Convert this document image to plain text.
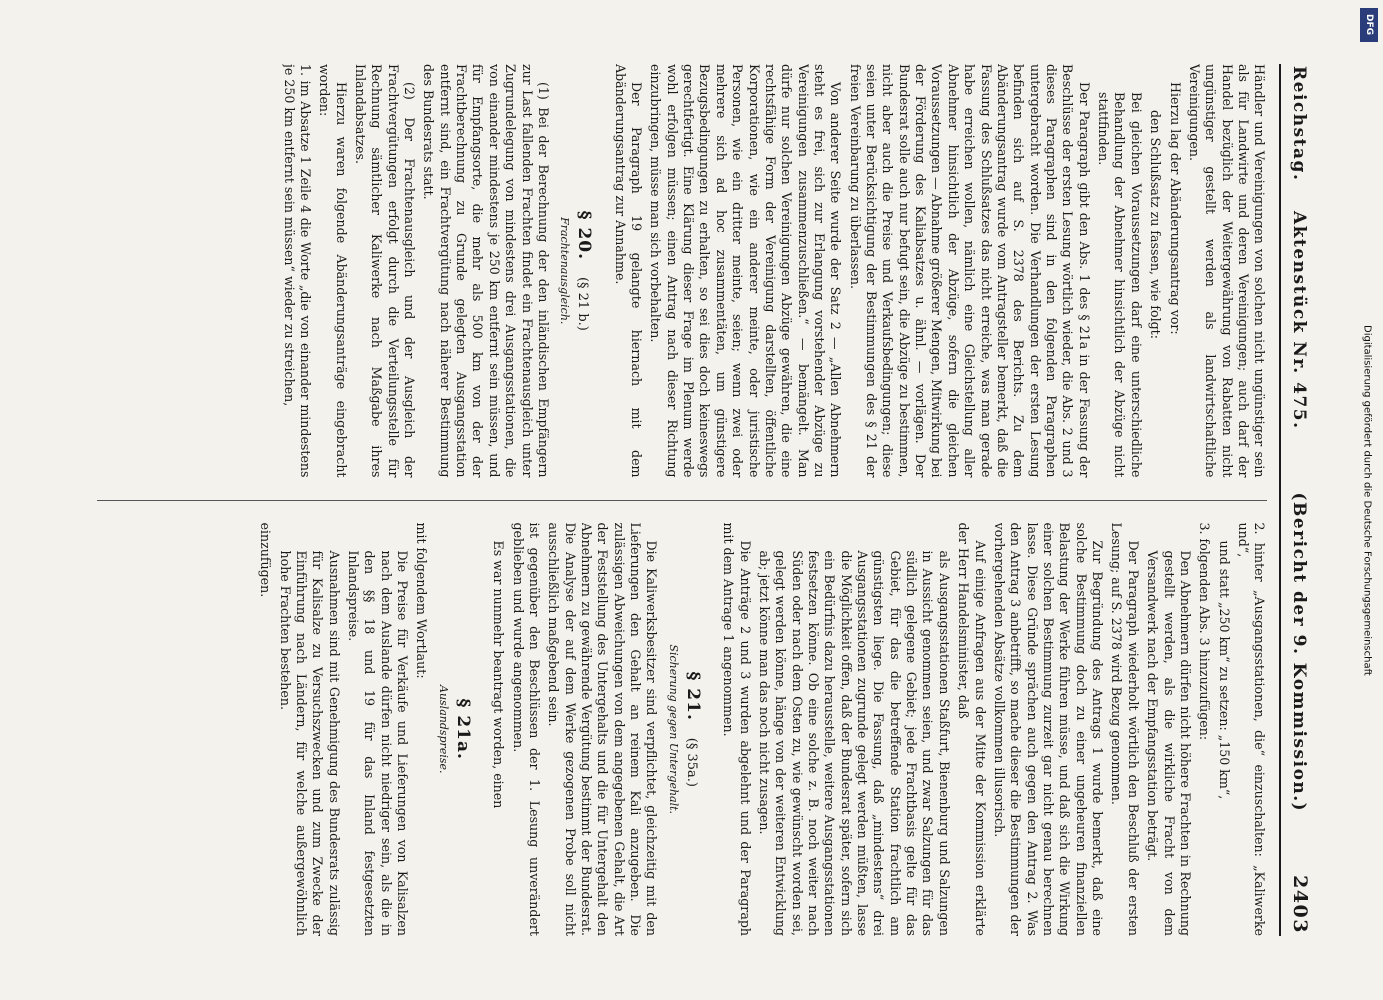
Reichstag.    Aktenstück Nr. 475.
(Bericht der 9. Kommission.)
2403

Händler und Vereinigungen von solchen nicht ungünstiger sein als für Landwirte und deren Vereinigungen; auch darf der Handel bezüglich der Weitergewährung von Rabatten nicht ungünstiger gestellt werden als landwirtschaftliche Vereinigungen.

Hierzu lag der Abänderungsantrag vor:

den Schlußsatz zu fassen, wie folgt:

Bei gleichen Voraussetzungen darf eine unterschiedliche Behandlung der Abnehmer hinsichtlich der Abzüge nicht stattfinden.

Der Paragraph gibt den Abs. 1 des § 21a in der Fassung der Beschlüsse der ersten Lesung wörtlich wieder, die Abs. 2 und 3 dieses Paragraphen sind in den folgenden Paragraphen untergebracht worden. Die Verhandlungen der ersten Lesung befinden sich auf S. 2378 des Berichts. Zu dem Abänderungsantrag wurde vom Antragsteller bemerkt, daß die Fassung des Schlußsatzes das nicht erreiche, was man gerade habe erreichen wollen, nämlich eine Gleichstellung aller Abnehmer hinsichtlich der Abzüge, sofern die gleichen Voraussetzungen — Abnahme größerer Mengen, Mitwirkung bei der Förderung des Kaliabsatzes u. ähnl. — vorlägen. Der Bundesrat solle auch nur befugt sein, die Abzüge zu bestimmen, nicht aber auch die Preise und Verkaufsbedingungen; diese seien unter Berücksichtigung der Bestimmungen des § 21 der freien Vereinbarung zu überlassen.

Von anderer Seite wurde der Satz 2 — „Allen Abnehmern steht es frei, sich zur Erlangung vorstehender Abzüge zu Vereinigungen zusammenzuschließen.“ — bemängelt. Man dürfe nur solchen Vereinigungen Abzüge gewähren, die eine rechtsfähige Form der Vereinigung darstellten, öffentliche Korporationen, wie ein anderer meinte, oder juristische Personen, wie ein dritter meinte, seien; wenn zwei oder mehrere sich ad hoc zusammentäten, um günstigere Bezugsbedingungen zu erhalten, so sei dies doch keineswegs gerechtfertigt. Eine Klärung dieser Frage im Plenum werde wohl erfolgen müssen; einen Antrag nach dieser Richtung einzubringen, müsse man sich vorbehalten.

Der Paragraph 19 gelangte hiernach mit dem Abänderungsantrag zur Annahme.

§ 20. (§ 21 b.)
Frachtenausgleich.

(1) Bei der Berechnung der den inländischen Empfängern zur Last fallenden Frachten findet ein Frachtenausgleich unter Zugrundelegung von mindestens drei Ausgangsstationen, die von einander mindestens je 250 km entfernt sein müssen, und für Empfangsorte, die mehr als 500 km von der der Frachtberechnung zu Grunde gelegten Ausgangsstation entfernt sind, ein Frachtvergütung nach näherer Bestimmung des Bundesrats statt.

(2) Der Frachtenausgleich und der Ausgleich der Frachtvergütungen erfolgt durch die Verteilungsstelle für Rechnung sämtlicher Kaliwerke nach Maßgabe ihres Inlandabsatzes.

Hierzu waren folgende Abänderungsanträge eingebracht worden:

1. im Absatze 1 Zeile 4 die Worte „die von einander mindestens je 250 km entfernt sein müssen“ wieder zu streichen,

2. hinter „Ausgangsstationen, die“ einzuschalten: „Kaliwerke und“,

und statt „250 km“ zu setzen: „150 km“,

3. folgenden Abs. 3 hinzuzufügen:

Den Abnehmern dürfen nicht höhere Frachten in Rechnung gestellt werden, als die wirkliche Fracht von dem Versandwerk nach der Empfangsstation beträgt.

Der Paragraph wiederholt wörtlich den Beschluß der ersten Lesung; auf S. 2378 wird Bezug genommen.

Zur Begründung des Antrags 1 wurde bemerkt, daß eine solche Bestimmung doch zu einer ungeheuren finanziellen Belastung der Werke führen müsse, und daß sich die Wirkung einer solchen Bestimmung zurzeit gar nicht genau berechnen lasse. Diese Gründe sprächen auch gegen den Antrag 2. Was den Antrag 3 anbetrifft, so mache dieser die Bestimmungen der vorhergehenden Absätze vollkommen illusorisch.

Auf einige Anfragen aus der Mitte der Kommission erklärte der Herr Handelsminister, daß

als Ausgangsstationen Staßfurt, Bienenburg und Salzungen in Aussicht genommen seien, und zwar Salzungen für das südlich gelegene Gebiet; jede Frachtbasis gelte für das Gebiet, für das die betreffende Station frachtlich am günstigsten liege. Die Fassung, daß „mindestens“ drei Ausgangsstationen zugrunde gelegt werden müßten, lasse die Möglichkeit offen, daß der Bundesrat später, sofern sich ein Bedürfnis dazu herausstelle, weitere Ausgangsstationen festsetzen könne. Ob eine solche z. B. noch weiter nach Süden oder nach dem Osten zu, wie gewünscht worden sei, gelegt werden könne, hänge von der weiteren Entwicklung ab; jetzt könne man das noch nicht zusagen.

Die Anträge 2 und 3 wurden abgelehnt und der Paragraph mit dem Antrage 1 angenommen.

§ 21. (§ 35a.)
Sicherung gegen Untergehalt.

Die Kaliwerksbesitzer sind verpflichtet, gleichzeitig mit den Lieferungen den Gehalt an reinem Kali anzugeben. Die zulässigen Abweichungen von dem angegebenen Gehalt, die Art der Feststellung des Untergehalts und die für Untergehalt den Abnehmern zu gewährende Vergütung bestimmt der Bundesrat. Die Analyse der auf dem Werke gezogenen Probe soll nicht ausschließlich maßgebend sein.

ist gegenüber den Beschlüssen der 1. Lesung unverändert geblieben und wurde angenommen.

Es war nunmehr beantragt worden, einen

§ 21a.
Auslandspreise.

mit folgendem Wortlaut:

Die Preise für Verkäufe und Lieferungen von Kalisalzen nach dem Auslande dürfen nicht niedriger sein, als die in den §§ 18 und 19 für das Inland festgesetzten Inlandspreise.

Ausnahmen sind mit Genehmigung des Bundesrats zulässig für Kalisalze zu Versuchszwecken und zum Zwecke der Einführung nach Ländern, für welche außergewöhnlich hohe Frachten bestehen.

einzufügen.

DFG
Digitalisierung gefördert durch die Deutsche Forschungsgemeinschaft
